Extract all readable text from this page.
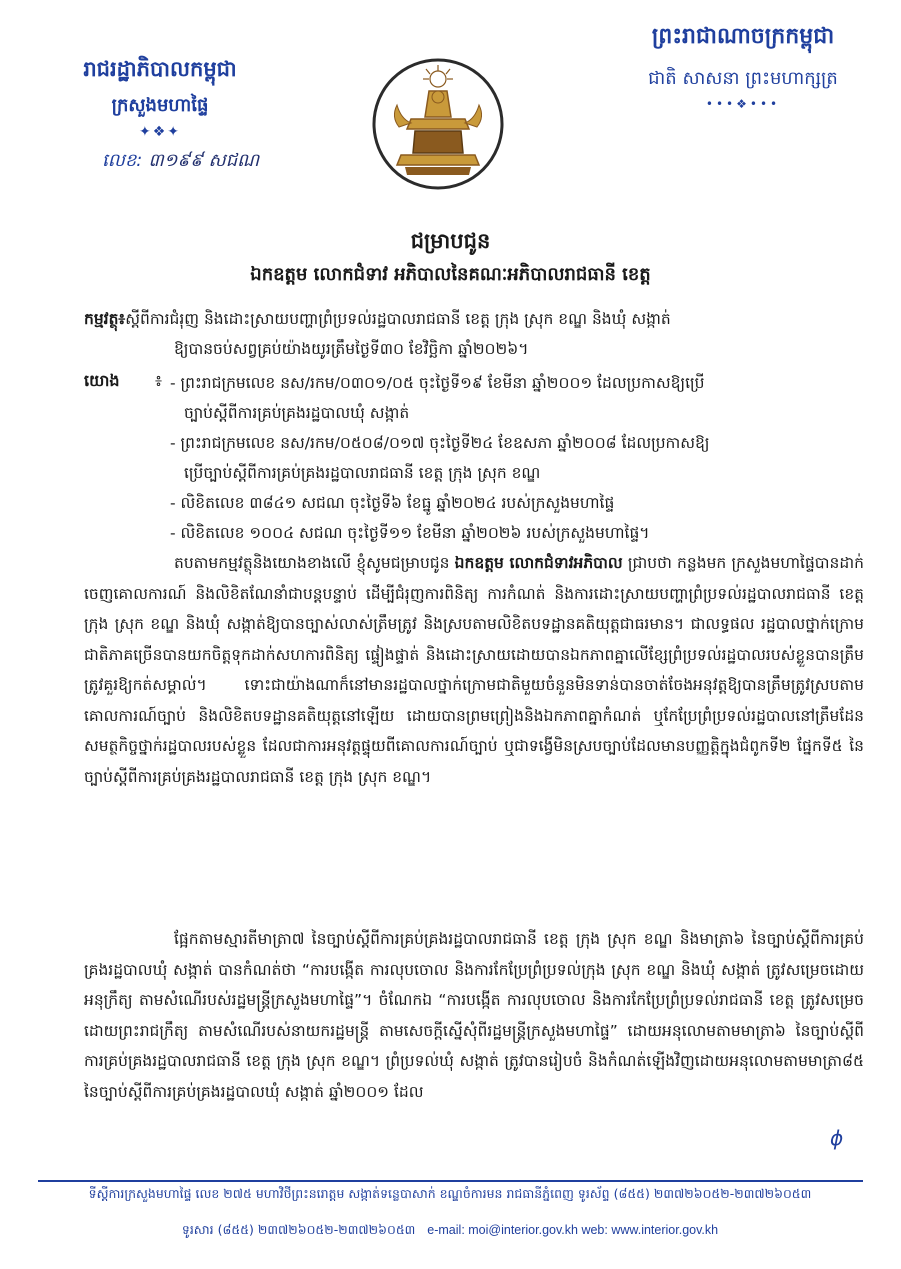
រាជរដ្ឋាភិបាលកម្ពុជា
ក្រសួងមហាផ្ទៃ
✦❖✦
លេខ: ៣១៩៩ សជណ
ព្រះរាជាណាចក្រកម្ពុជា
ជាតិ សាសនា ព្រះមហាក្សត្រ
•••❖•••
ជម្រាបជូន
ឯកឧត្តម លោកជំទាវ អភិបាលនៃគណៈអភិបាលរាជធានី ខេត្ត
កម្មវត្ថុ៖ស្ដីពីការជំរុញ និងដោះស្រាយបញ្ហាព្រំប្រទល់រដ្ឋបាលរាជធានី ខេត្ត ក្រុង ស្រុក ខណ្ឌ និងឃុំ សង្កាត់
ឱ្យបានចប់សព្វគ្រប់យ៉ាងយូរត្រឹមថ្ងៃទី៣០ ខែវិច្ឆិកា ឆ្នាំ២០២៦។
យោង ៖ - ព្រះរាជក្រមលេខ នស/រកម/០៣០១/០៥ ចុះថ្ងៃទី១៩ ខែមីនា ឆ្នាំ២០០១ ដែលប្រកាសឱ្យប្រើ
ច្បាប់ស្ដីពីការគ្រប់គ្រងរដ្ឋបាលឃុំ សង្កាត់
- ព្រះរាជក្រមលេខ នស/រកម/០៥០៨/០១៧ ចុះថ្ងៃទី២៤ ខែឧសភា ឆ្នាំ២០០៨ ដែលប្រកាសឱ្យ
ប្រើច្បាប់ស្ដីពីការគ្រប់គ្រងរដ្ឋបាលរាជធានី ខេត្ត ក្រុង ស្រុក ខណ្ឌ
- លិខិតលេខ ៣៨៤១ សជណ ចុះថ្ងៃទី៦ ខែធ្នូ ឆ្នាំ២០២៤ របស់ក្រសួងមហាផ្ទៃ
- លិខិតលេខ ១០០៤ សជណ ចុះថ្ងៃទី១១ ខែមីនា ឆ្នាំ២០២៦ របស់ក្រសួងមហាផ្ទៃ។
តបតាមកម្មវត្ថុនិងយោងខាងលើ ខ្ញុំសូមជម្រាបជូន ឯកឧត្តម លោកជំទាវអភិបាល ជ្រាបថា កន្លងមក ក្រសួងមហាផ្ទៃបានដាក់ចេញគោលការណ៍ និងលិខិតណែនាំជាបន្តបន្ទាប់ ដើម្បីជំរុញការពិនិត្យ ការកំណត់ និងការដោះស្រាយបញ្ហាព្រំប្រទល់រដ្ឋបាលរាជធានី ខេត្ត ក្រុង ស្រុក ខណ្ឌ និងឃុំ សង្កាត់ឱ្យបានច្បាស់លាស់ត្រឹមត្រូវ និងស្របតាមលិខិតបទដ្ឋានគតិយុត្តជាធរមាន។ ជាលទ្ធផល រដ្ឋបាលថ្នាក់ក្រោមជាតិភាគច្រើនបានយកចិត្តទុកដាក់សហការពិនិត្យ ផ្ទៀងផ្ទាត់ និងដោះស្រាយដោយបានឯកភាពគ្នាលើខ្សែព្រំប្រទល់រដ្ឋបាលរបស់ខ្លួនបានត្រឹមត្រូវគួរឱ្យកត់សម្គាល់។ ទោះជាយ៉ាងណាក៏នៅមានរដ្ឋបាលថ្នាក់ក្រោមជាតិមួយចំនួនមិនទាន់បានចាត់ចែងអនុវត្តឱ្យបានត្រឹមត្រូវស្របតាមគោលការណ៍ច្បាប់ និងលិខិតបទដ្ឋានគតិយុត្តនៅឡើយ ដោយបានព្រមព្រៀងនិងឯកភាពគ្នាកំណត់ ឬកែប្រែព្រំប្រទល់រដ្ឋបាលនៅត្រឹមដែនសមត្ថកិច្ចថ្នាក់រដ្ឋបាលរបស់ខ្លួន ដែលជាការអនុវត្តផ្ទុយពីគោលការណ៍ច្បាប់ ឬជាទង្វើមិនស្របច្បាប់ដែលមានបញ្ញត្តិក្នុងជំពូកទី២ ផ្នែកទី៥ នៃច្បាប់ស្ដីពីការគ្រប់គ្រងរដ្ឋបាលរាជធានី ខេត្ត ក្រុង ស្រុក ខណ្ឌ។
ផ្អែកតាមស្មារតីមាត្រា៧ នៃច្បាប់ស្ដីពីការគ្រប់គ្រងរដ្ឋបាលរាជធានី ខេត្ត ក្រុង ស្រុក ខណ្ឌ និងមាត្រា៦ នៃច្បាប់ស្ដីពីការគ្រប់គ្រងរដ្ឋបាលឃុំ សង្កាត់ បានកំណត់ថា “ការបង្កើត ការលុបចោល និងការកែប្រែព្រំប្រទល់ក្រុង ស្រុក ខណ្ឌ និងឃុំ សង្កាត់ ត្រូវសម្រេចដោយអនុក្រឹត្យ តាមសំណើរបស់រដ្ឋមន្ត្រីក្រសួងមហាផ្ទៃ”។ ចំណែកឯ “ការបង្កើត ការលុបចោល និងការកែប្រែព្រំប្រទល់រាជធានី ខេត្ត ត្រូវសម្រេចដោយព្រះរាជក្រឹត្យ តាមសំណើរបស់នាយករដ្ឋមន្ត្រី តាមសេចក្ដីស្នើសុំពីរដ្ឋមន្ត្រីក្រសួងមហាផ្ទៃ” ដោយអនុលោមតាមមាត្រា៦ នៃច្បាប់ស្ដីពីការគ្រប់គ្រងរដ្ឋបាលរាជធានី ខេត្ត ក្រុង ស្រុក ខណ្ឌ។ ព្រំប្រទល់ឃុំ សង្កាត់ ត្រូវបានរៀបចំ និងកំណត់ឡើងវិញដោយអនុលោមតាមមាត្រា៨៥ នៃច្បាប់ស្ដីពីការគ្រប់គ្រងរដ្ឋបាលឃុំ សង្កាត់ ឆ្នាំ២០០១ ដែល
ϕ
ទីស្ដីការក្រសួងមហាផ្ទៃ លេខ ២៧៥ មហាវិថីព្រះនរោត្តម សង្កាត់ទន្លេបាសាក់ ខណ្ឌចំការមន រាជធានីភ្នំពេញ ទូរស័ព្ទ (៨៥៥) ២៣៧២៦០៥២-២៣៧២៦០៥៣
ទូរសារ (៨៥៥) ២៣៧២៦០៥២-២៣៧២៦០៥៣ e-mail: moi@interior.gov.kh web: www.interior.gov.kh
